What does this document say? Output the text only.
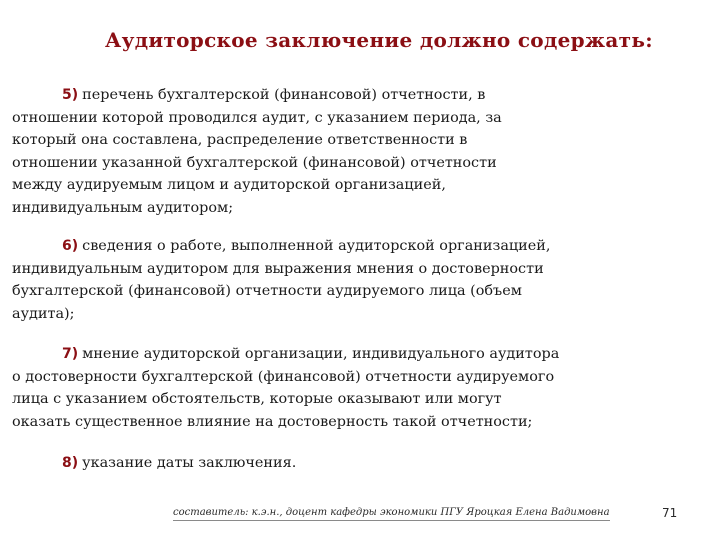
Аудиторское заключение должно содержать:
5) перечень бухгалтерской (финансовой) отчетности, в
отношении которой проводился аудит, с указанием периода, за
который она составлена, распределение ответственности в
отношении указанной бухгалтерской (финансовой) отчетности
между аудируемым лицом и аудиторской организацией,
индивидуальным аудитором;
6) сведения о работе, выполненной аудиторской организацией,
индивидуальным аудитором для выражения мнения о достоверности
бухгалтерской (финансовой) отчетности аудируемого лица (объем
аудита);
7) мнение аудиторской организации, индивидуального аудитора
о достоверности бухгалтерской (финансовой) отчетности аудируемого
лица с указанием обстоятельств, которые оказывают или могут
оказать существенное влияние на достоверность такой отчетности;
8) указание даты заключения.
составитель: к.э.н., доцент кафедры экономики ПГУ Яроцкая Елена Вадимовна	71
